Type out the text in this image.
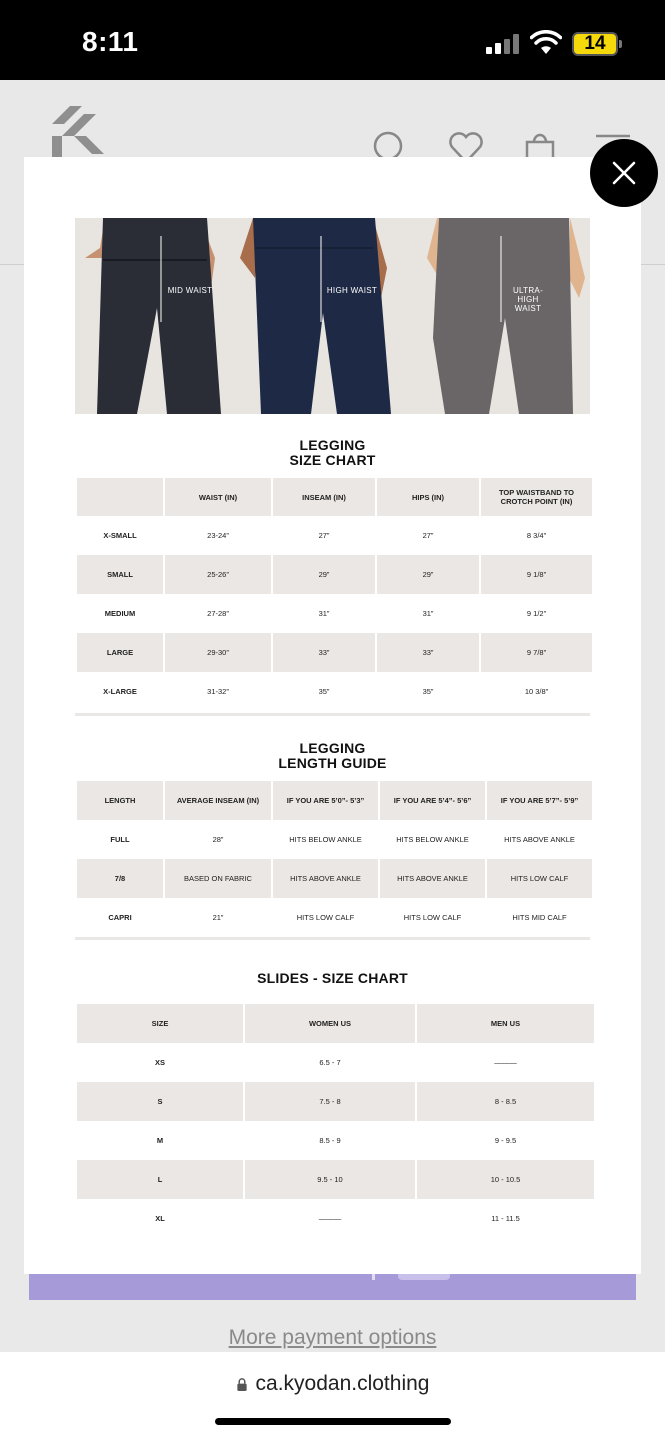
8:11	14
More payment options
MID WAIST	HIGH WAIST	ULTRA-HIGH WAIST
LEGGING
SIZE CHART
	WAIST (IN)	INSEAM (IN)	HIPS (IN)	TOP WAISTBAND TO CROTCH POINT (IN)
X-SMALL	23-24”	27”	27”	8 3/4”
SMALL	25-26”	29”	29”	9 1/8”
MEDIUM	27-28”	31”	31”	9 1/2”
LARGE	29-30”	33”	33”	9 7/8”
X-LARGE	31-32”	35”	35”	10 3/8”
LEGGING
LENGTH GUIDE
LENGTH	AVERAGE INSEAM (IN)	IF YOU ARE 5’0”- 5’3”	IF YOU ARE 5’4”- 5’6”	IF YOU ARE 5’7”- 5’9”
FULL	28”	HITS BELOW ANKLE	HITS BELOW ANKLE	HITS ABOVE ANKLE
7/8	BASED ON FABRIC	HITS ABOVE ANKLE	HITS ABOVE ANKLE	HITS LOW CALF
CAPRI	21”	HITS LOW CALF	HITS LOW CALF	HITS MID CALF
SLIDES - SIZE CHART
SIZE	WOMEN US	MEN US
XS	6.5 - 7	———
S	7.5 - 8	8 - 8.5
M	8.5 - 9	9 - 9.5
L	9.5 - 10	10 - 10.5
XL	———	11 - 11.5
ca.kyodan.clothing
